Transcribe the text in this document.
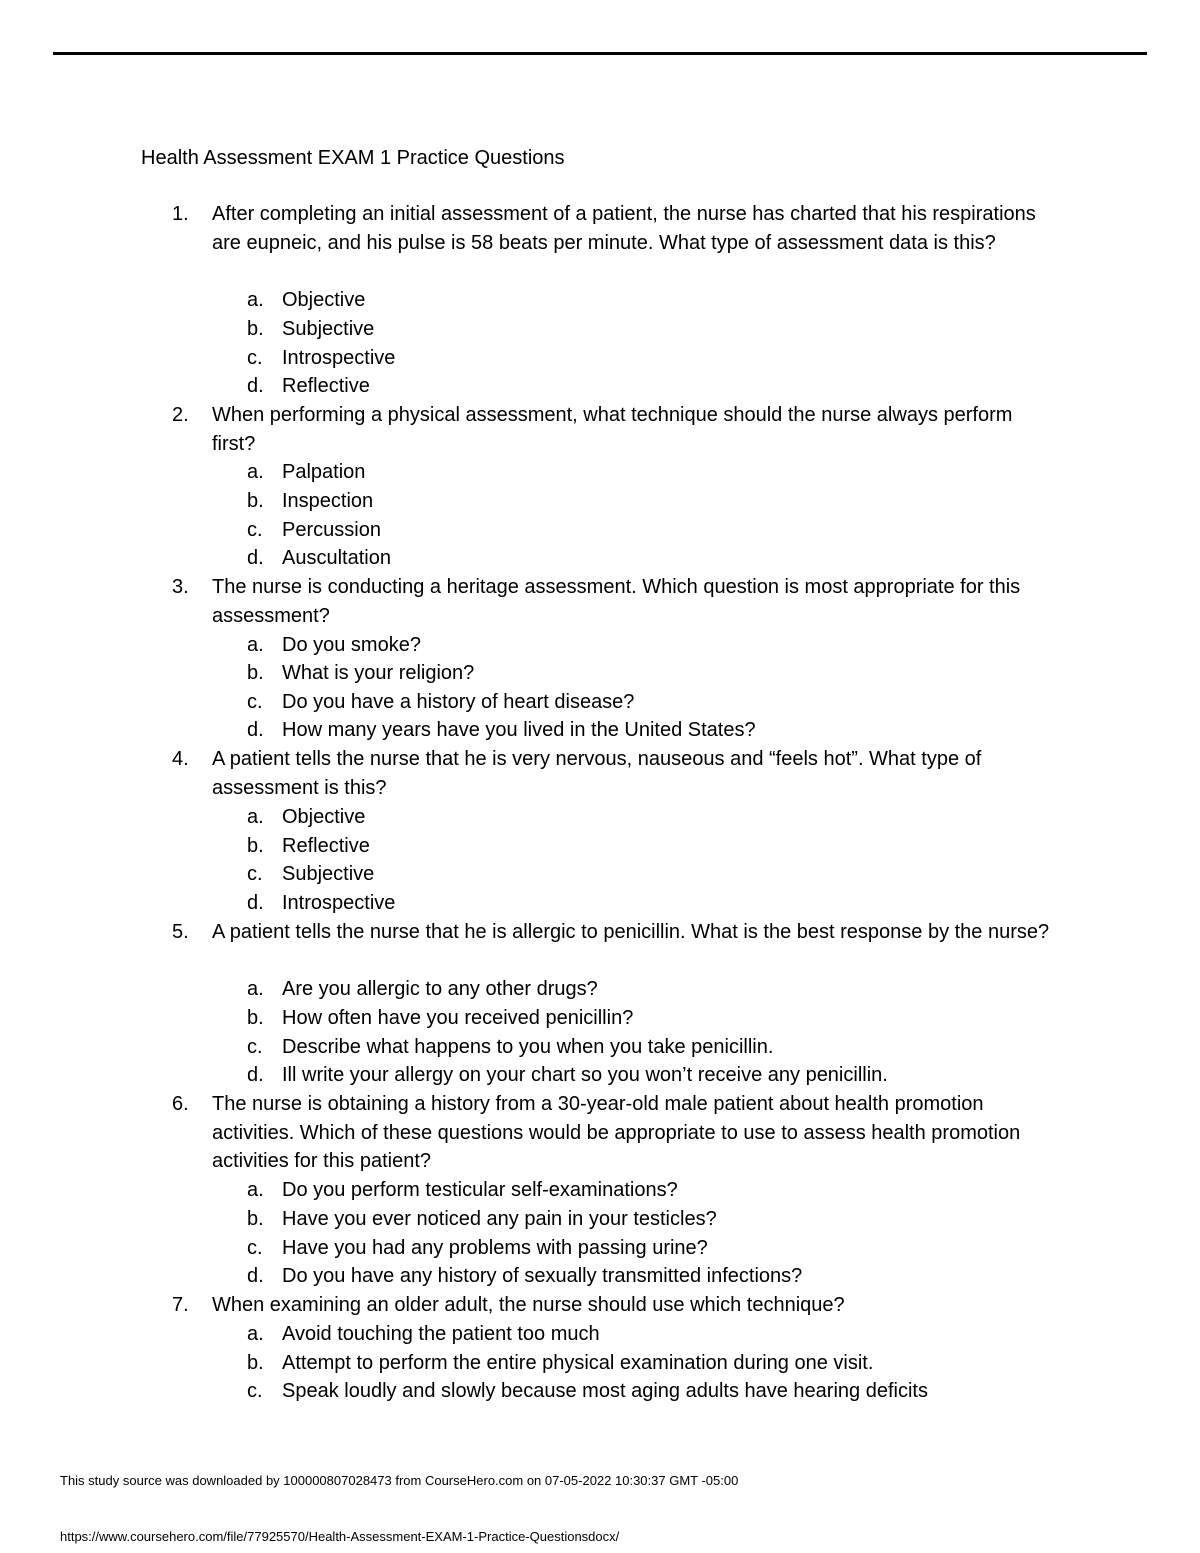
Health Assessment EXAM 1 Practice Questions
1.	After completing an initial assessment of a patient, the nurse has charted that his respirations are eupneic, and his pulse is 58 beats per minute. What type of assessment data is this?
a. Objective
b. Subjective
c. Introspective
d. Reflective
2.	When performing a physical assessment, what technique should the nurse always perform first?
a. Palpation
b. Inspection
c. Percussion
d. Auscultation
3.	The nurse is conducting a heritage assessment. Which question is most appropriate for this assessment?
a. Do you smoke?
b. What is your religion?
c. Do you have a history of heart disease?
d. How many years have you lived in the United States?
4.	A patient tells the nurse that he is very nervous, nauseous and “feels hot”. What type of assessment is this?
a. Objective
b. Reflective
c. Subjective
d. Introspective
5.	A patient tells the nurse that he is allergic to penicillin. What is the best response by the nurse?
a. Are you allergic to any other drugs?
b. How often have you received penicillin?
c. Describe what happens to you when you take penicillin.
d. Ill write your allergy on your chart so you won’t receive any penicillin.
6.	The nurse is obtaining a history from a 30-year-old male patient about health promotion activities. Which of these questions would be appropriate to use to assess health promotion activities for this patient?
a. Do you perform testicular self-examinations?
b. Have you ever noticed any pain in your testicles?
c. Have you had any problems with passing urine?
d. Do you have any history of sexually transmitted infections?
7.	When examining an older adult, the nurse should use which technique?
a. Avoid touching the patient too much
b. Attempt to perform the entire physical examination during one visit.
c. Speak loudly and slowly because most aging adults have hearing deficits
This study source was downloaded by 100000807028473 from CourseHero.com on 07-05-2022 10:30:37 GMT -05:00
https://www.coursehero.com/file/77925570/Health-Assessment-EXAM-1-Practice-Questionsdocx/
